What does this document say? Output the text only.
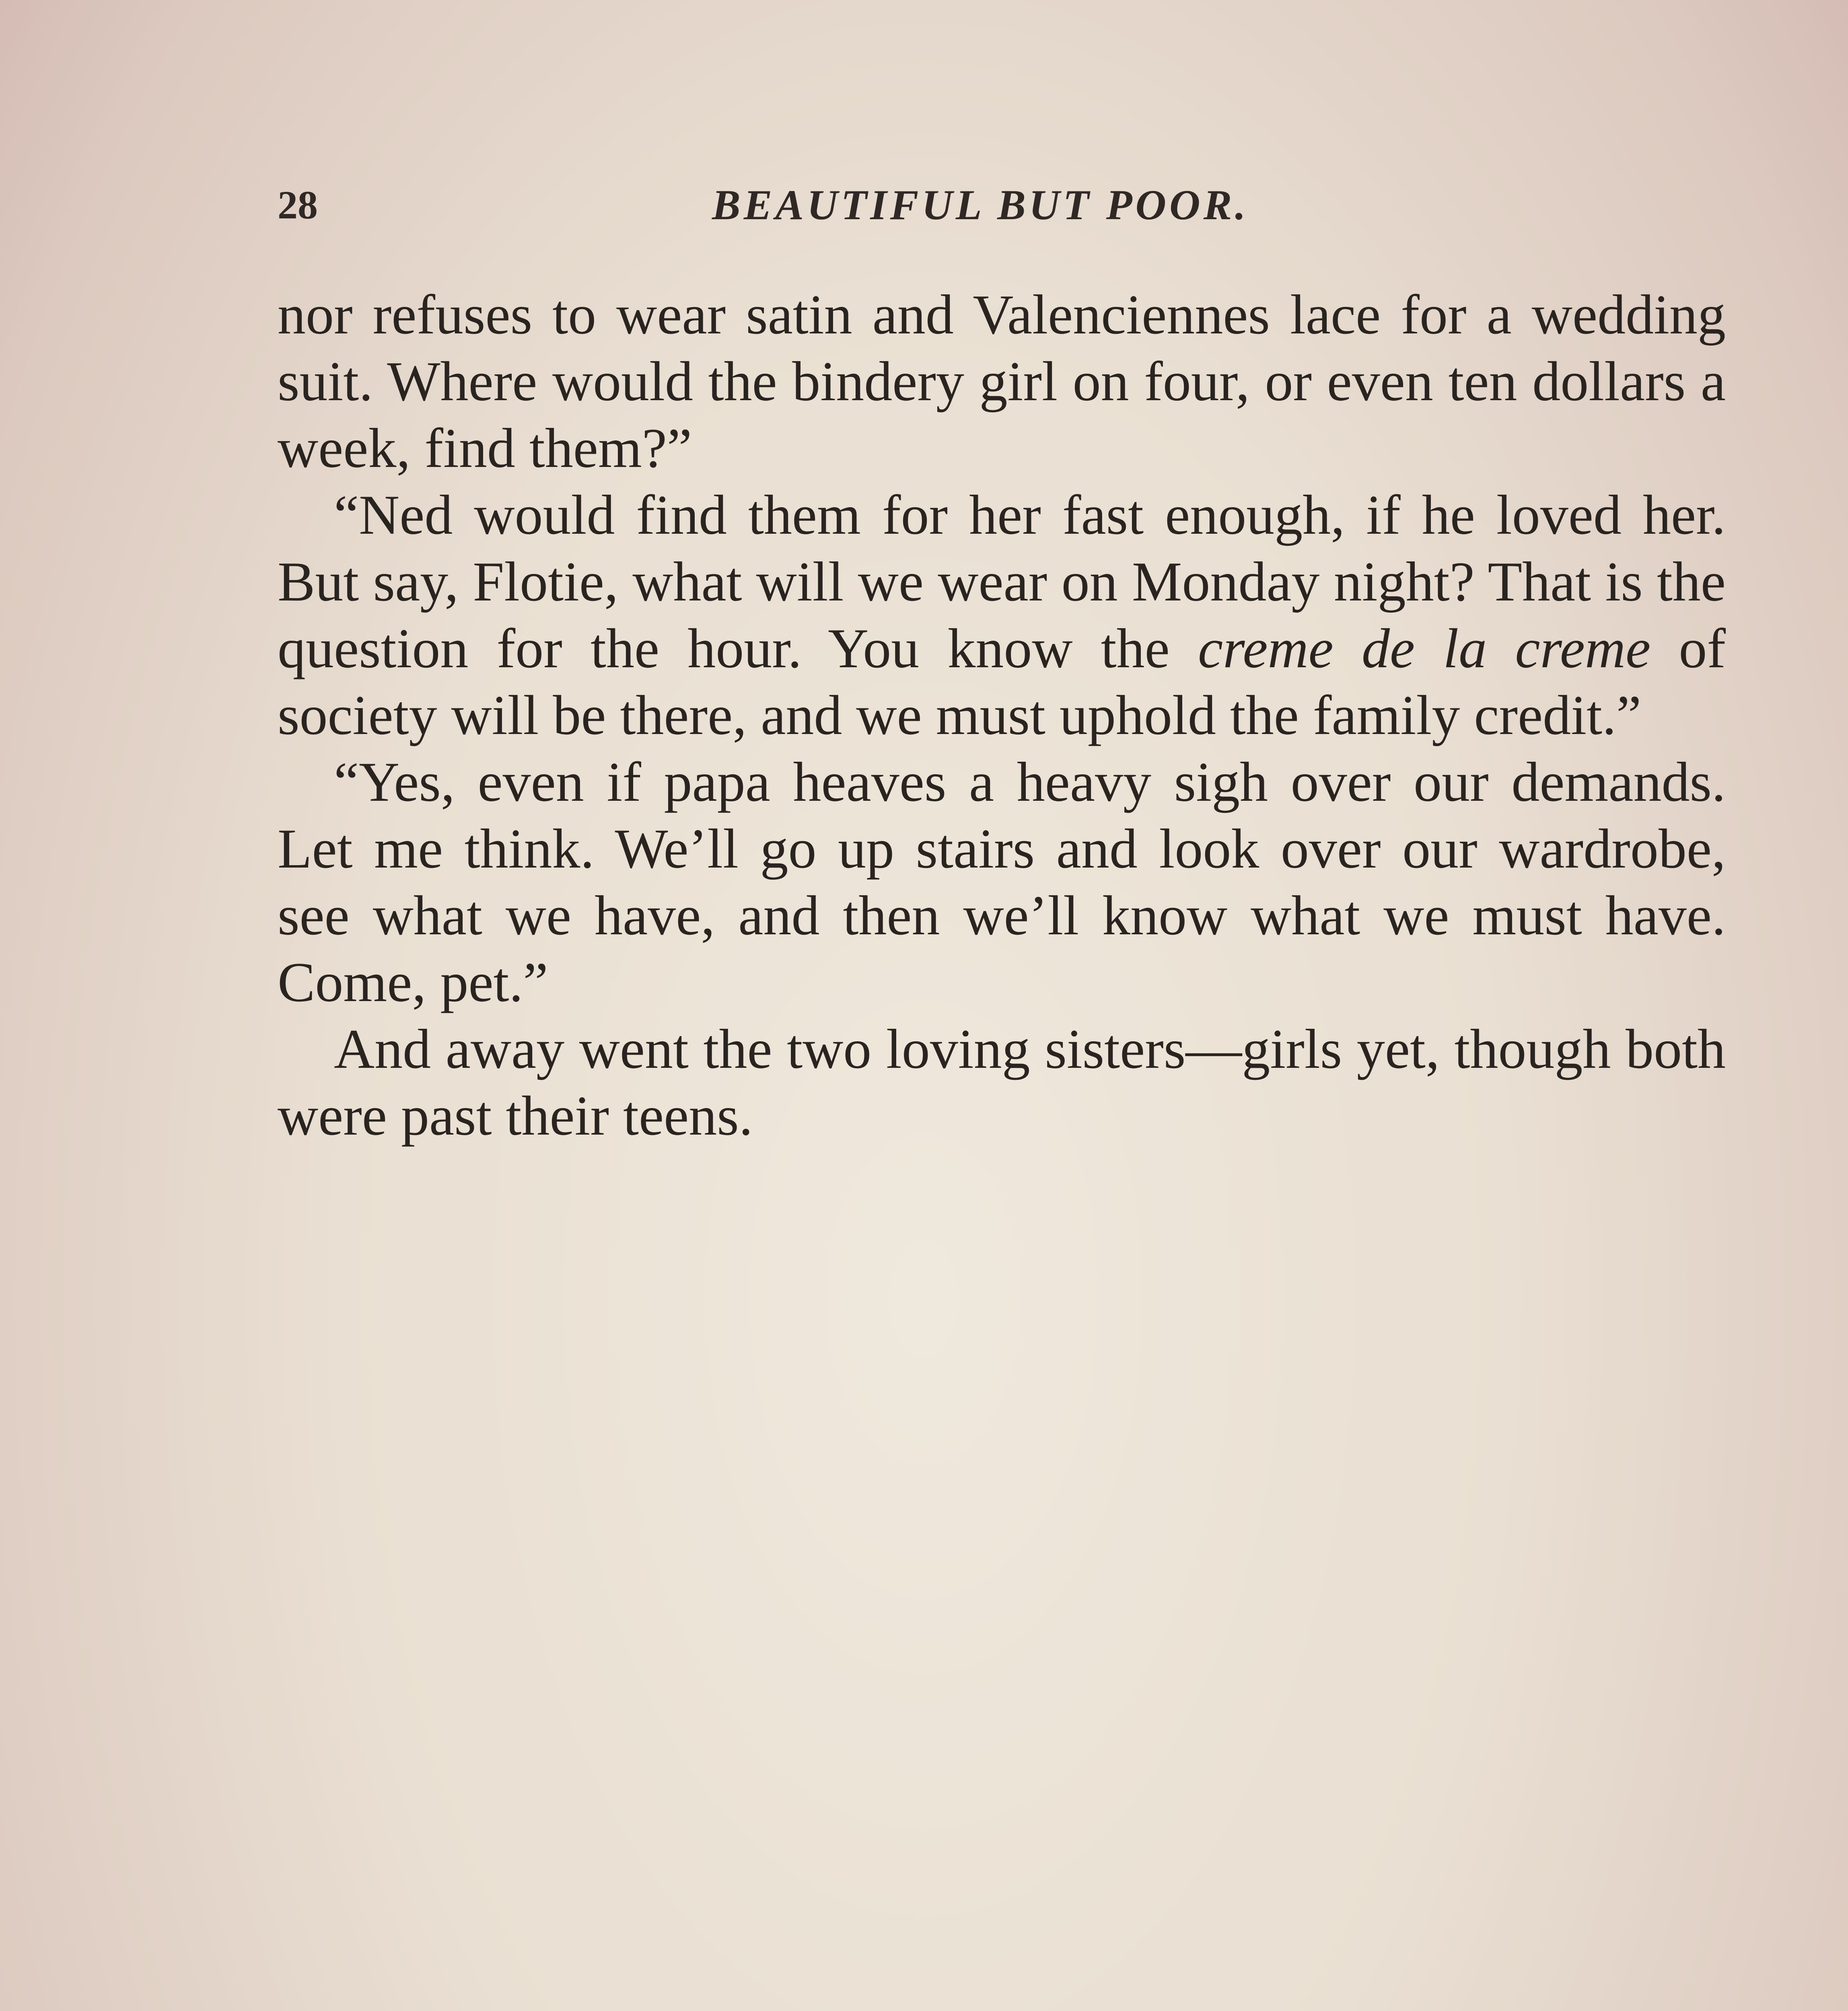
28	BEAUTIFUL BUT POOR.

nor refuses to wear satin and Valenciennes lace for a wedding suit. Where would the bindery girl on four, or even ten dollars a week, find them?”

“Ned would find them for her fast enough, if he loved her. But say, Flotie, what will we wear on Monday night? That is the question for the hour. You know the creme de la creme of society will be there, and we must uphold the family credit.”

“Yes, even if papa heaves a heavy sigh over our demands. Let me think. We’ll go up stairs and look over our wardrobe, see what we have, and then we’ll know what we must have. Come, pet.”

And away went the two loving sisters—girls yet, though both were past their teens.
